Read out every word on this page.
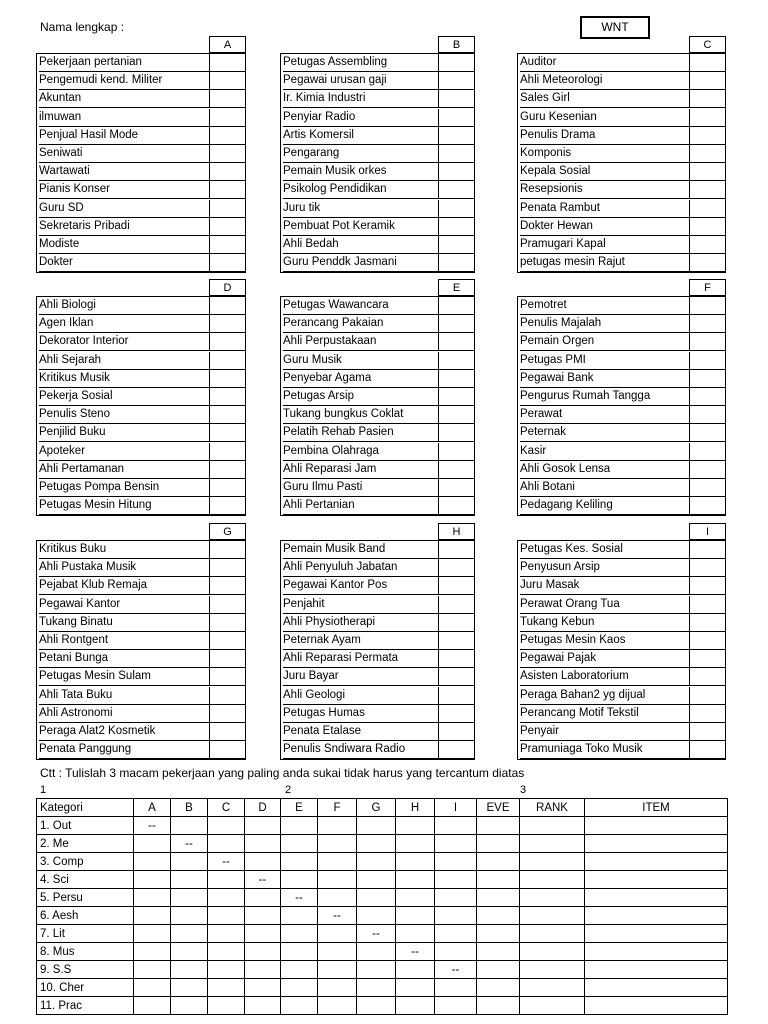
Nama lengkap :	WNT
A
Pekerjaan pertanian
Pengemudi kend. Militer
Akuntan
ilmuwan
Penjual Hasil Mode
Seniwati
Wartawati
Pianis Konser
Guru SD
Sekretaris Pribadi
Modiste
Dokter
B
Petugas Assembling
Pegawai urusan gaji
Ir. Kimia Industri
Penyiar Radio
Artis Komersil
Pengarang
Pemain Musik orkes
Psikolog Pendidikan
Juru tik
Pembuat Pot Keramik
Ahli Bedah
Guru Penddk Jasmani
C
Auditor
Ahli Meteorologi
Sales Girl
Guru Kesenian
Penulis Drama
Komponis
Kepala Sosial
Resepsionis
Penata Rambut
Dokter Hewan
Pramugari Kapal
petugas mesin Rajut
D
Ahli Biologi
Agen Iklan
Dekorator Interior
Ahli Sejarah
Kritikus Musik
Pekerja Sosial
Penulis Steno
Penjilid Buku
Apoteker
Ahli Pertamanan
Petugas Pompa Bensin
Petugas Mesin Hitung
E
Petugas Wawancara
Perancang Pakaian
Ahli Perpustakaan
Guru Musik
Penyebar Agama
Petugas Arsip
Tukang bungkus Coklat
Pelatih Rehab Pasien
Pembina Olahraga
Ahli Reparasi Jam
Guru Ilmu Pasti
Ahli Pertanian
F
Pemotret
Penulis Majalah
Pemain Orgen
Petugas PMI
Pegawai Bank
Pengurus Rumah Tangga
Perawat
Peternak
Kasir
Ahli Gosok Lensa
Ahli Botani
Pedagang Keliling
G
Kritikus Buku
Ahli Pustaka Musik
Pejabat Klub Remaja
Pegawai Kantor
Tukang Binatu
Ahli Rontgent
Petani Bunga
Petugas Mesin Sulam
Ahli Tata Buku
Ahli Astronomi
Peraga Alat2 Kosmetik
Penata Panggung
H
Pemain Musik Band
Ahli Penyuluh Jabatan
Pegawai Kantor Pos
Penjahit
Ahli Physiotherapi
Peternak Ayam
Ahli Reparasi Permata
Juru Bayar
Ahli Geologi
Petugas Humas
Penata Etalase
Penulis Sndiwara Radio
I
Petugas Kes. Sosial
Penyusun Arsip
Juru Masak
Perawat Orang Tua
Tukang Kebun
Petugas Mesin Kaos
Pegawai Pajak
Asisten Laboratorium
Peraga Bahan2 yg dijual
Perancang Motif Tekstil
Penyair
Pramuniaga Toko Musik
Ctt : Tulislah 3 macam pekerjaan yang paling anda sukai tidak harus yang tercantum diatas
1	2	3
Kategori	A	B	C	D	E	F	G	H	I	EVE	RANK	ITEM
1. Out	--											
2. Me		--										
3. Comp			--									
4. Sci				--								
5. Persu					--							
6. Aesh						--						
7. Lit							--					
8. Mus								--				
9. S.S									--			
10. Cher												
11. Prac												
